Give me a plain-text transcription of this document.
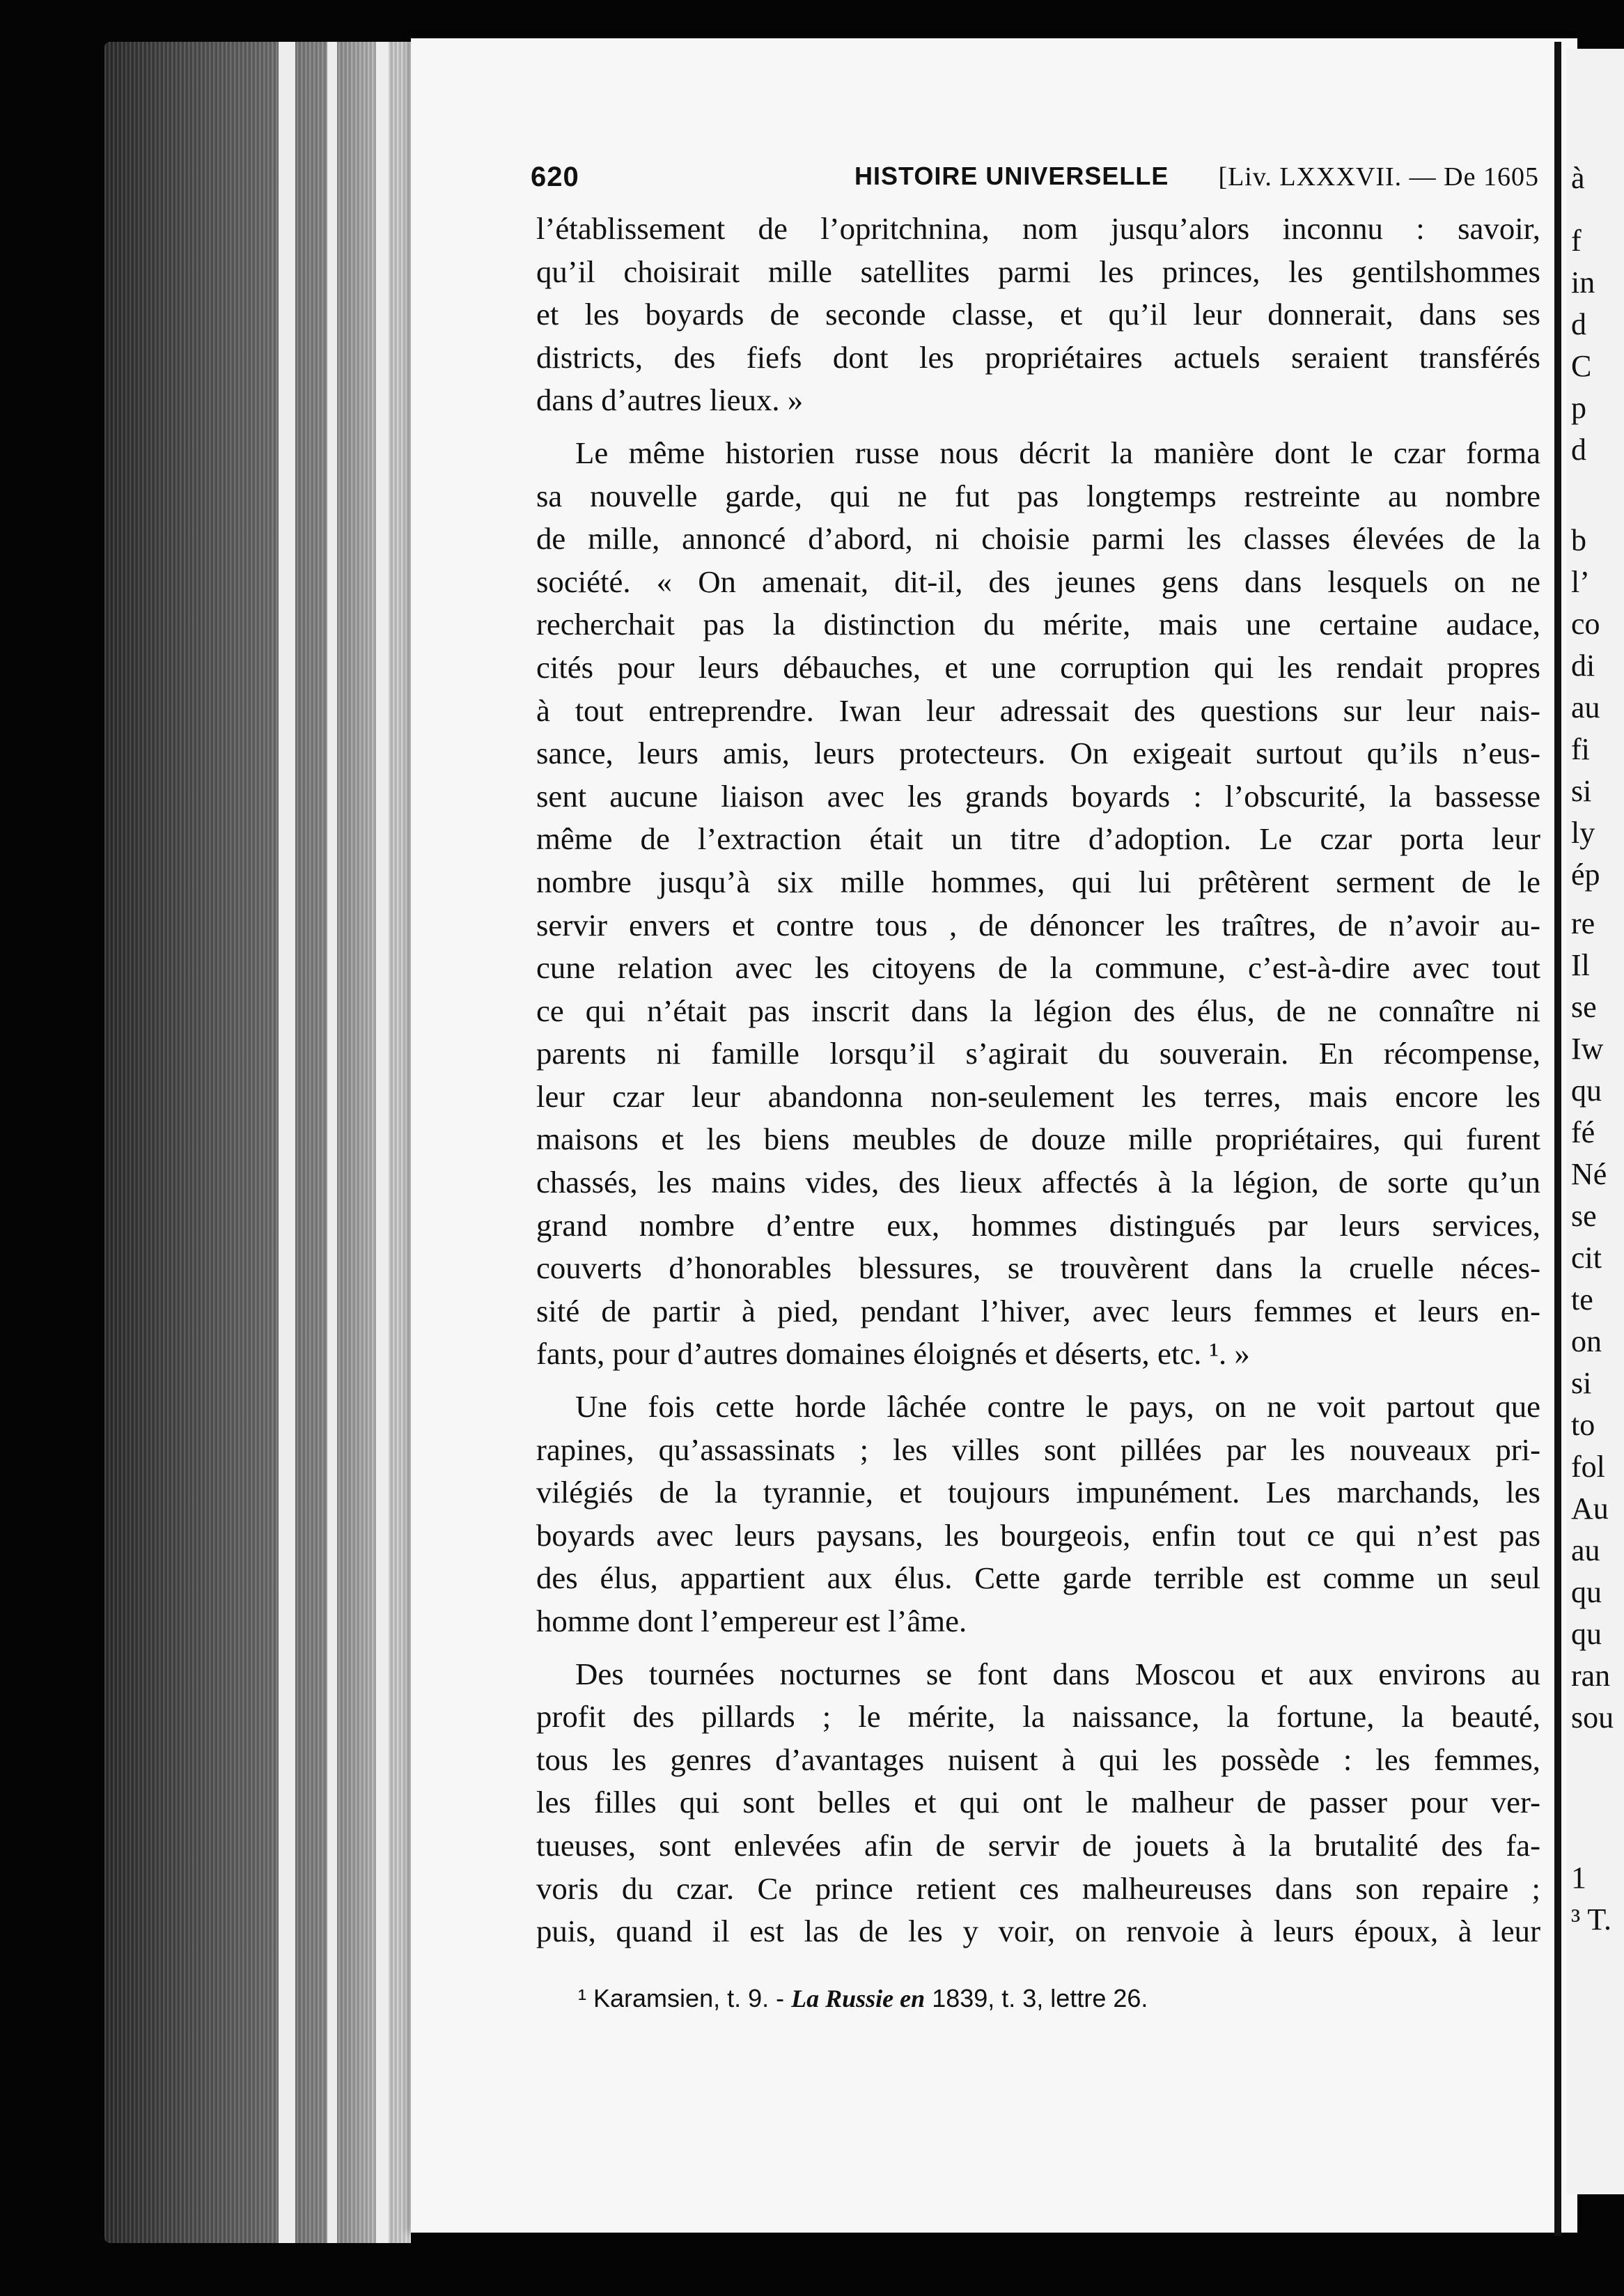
à
f
in
d
C
p
d
b
l’
co
di
au
fi
si
ly
ép
re
Il
se
Iw
qu
fé
Né
se
cit
te
on
si
to
fol
Au
au
qu
qu
ran
sou
1
³ T.
620	HISTOIRE UNIVERSELLE [Liv. LXXXVII. — De 1605
l’établissement de l’opritchnina, nom jusqu’alors inconnu : savoir,
qu’il choisirait mille satellites parmi les princes, les gentilshommes
et les boyards de seconde classe, et qu’il leur donnerait, dans ses
districts, des fiefs dont les propriétaires actuels seraient transférés
dans d’autres lieux. »
Le même historien russe nous décrit la manière dont le czar forma
sa nouvelle garde, qui ne fut pas longtemps restreinte au nombre
de mille, annoncé d’abord, ni choisie parmi les classes élevées de la
société. « On amenait, dit-il, des jeunes gens dans lesquels on ne
recherchait pas la distinction du mérite, mais une certaine audace,
cités pour leurs débauches, et une corruption qui les rendait propres
à tout entreprendre. Iwan leur adressait des questions sur leur nais-
sance, leurs amis, leurs protecteurs. On exigeait surtout qu’ils n’eus-
sent aucune liaison avec les grands boyards : l’obscurité, la bassesse
même de l’extraction était un titre d’adoption. Le czar porta leur
nombre jusqu’à six mille hommes, qui lui prêtèrent serment de le
servir envers et contre tous , de dénoncer les traîtres, de n’avoir au-
cune relation avec les citoyens de la commune, c’est-à-dire avec tout
ce qui n’était pas inscrit dans la légion des élus, de ne connaître ni
parents ni famille lorsqu’il s’agirait du souverain. En récompense,
leur czar leur abandonna non-seulement les terres, mais encore les
maisons et les biens meubles de douze mille propriétaires, qui furent
chassés, les mains vides, des lieux affectés à la légion, de sorte qu’un
grand nombre d’entre eux, hommes distingués par leurs services,
couverts d’honorables blessures, se trouvèrent dans la cruelle néces-
sité de partir à pied, pendant l’hiver, avec leurs femmes et leurs en-
fants, pour d’autres domaines éloignés et déserts, etc. ¹. »
Une fois cette horde lâchée contre le pays, on ne voit partout que
rapines, qu’assassinats ; les villes sont pillées par les nouveaux pri-
vilégiés de la tyrannie, et toujours impunément. Les marchands, les
boyards avec leurs paysans, les bourgeois, enfin tout ce qui n’est pas
des élus, appartient aux élus. Cette garde terrible est comme un seul
homme dont l’empereur est l’âme.
Des tournées nocturnes se font dans Moscou et aux environs au
profit des pillards ; le mérite, la naissance, la fortune, la beauté,
tous les genres d’avantages nuisent à qui les possède : les femmes,
les filles qui sont belles et qui ont le malheur de passer pour ver-
tueuses, sont enlevées afin de servir de jouets à la brutalité des fa-
voris du czar. Ce prince retient ces malheureuses dans son repaire ;
puis, quand il est las de les y voir, on renvoie à leurs époux, à leur
¹ Karamsien, t. 9. - La Russie en 1839, t. 3, lettre 26.
